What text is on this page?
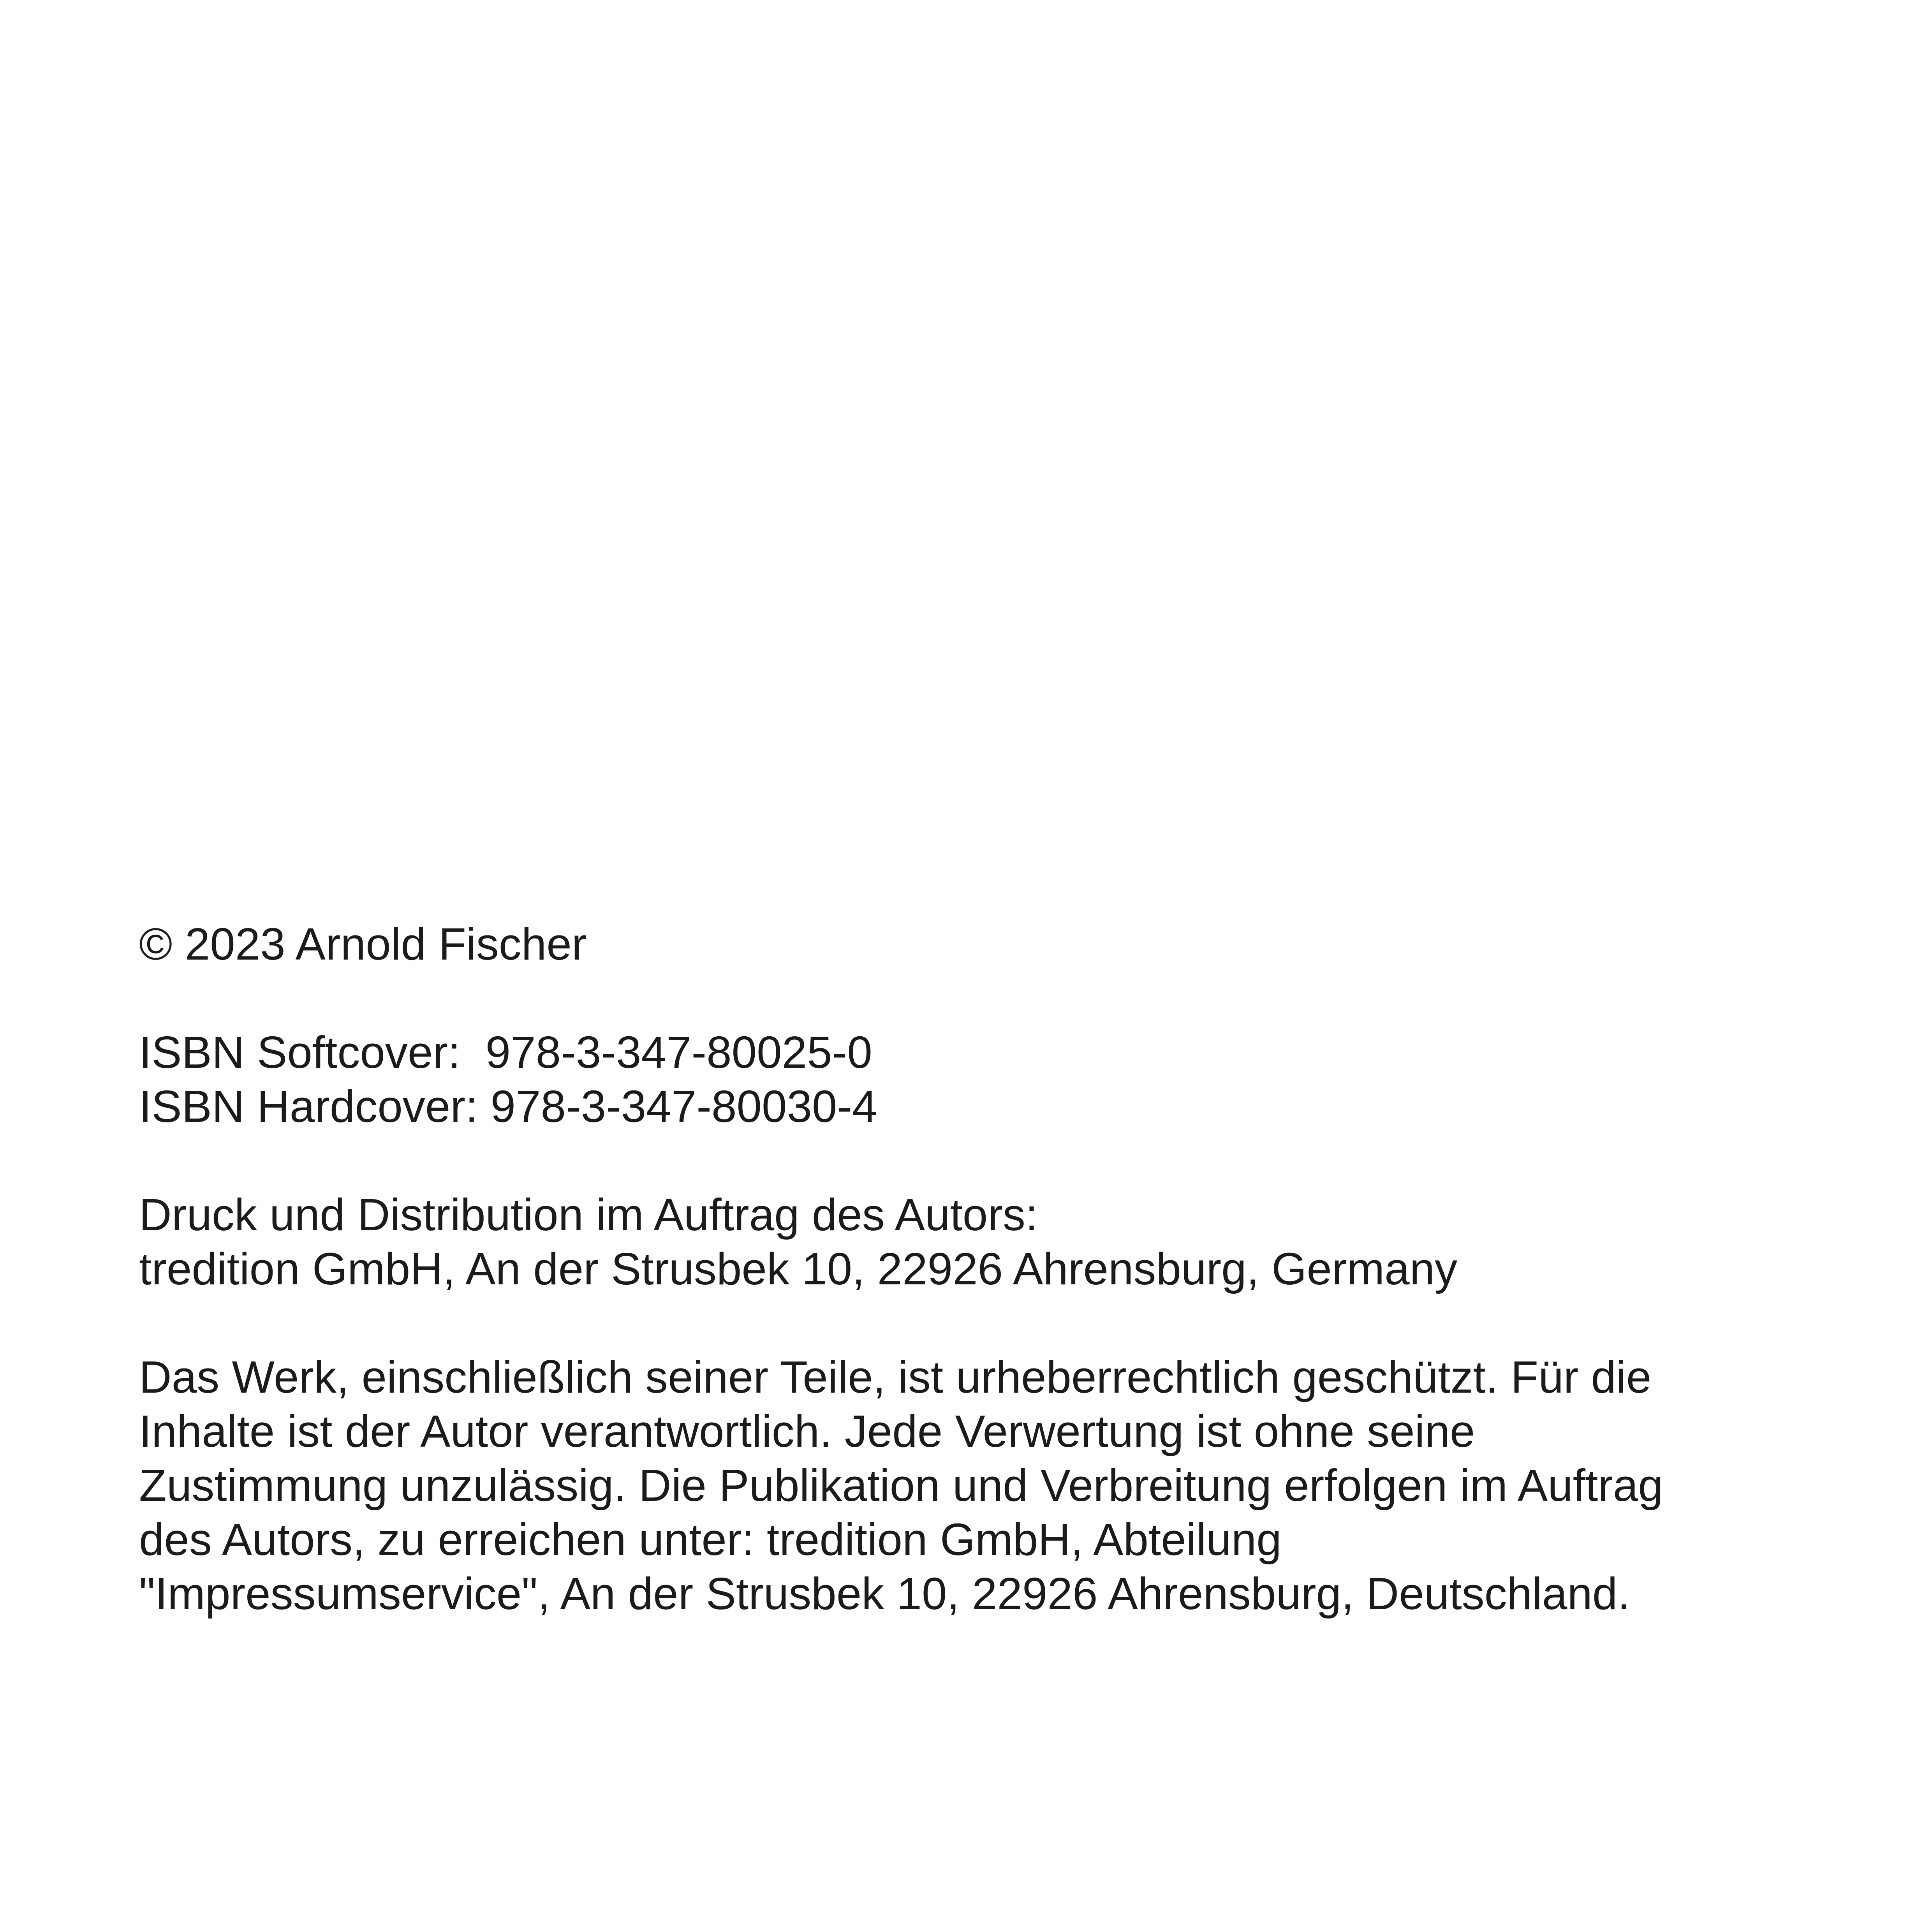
© 2023 Arnold Fischer
ISBN Softcover:  978-3-347-80025-0
ISBN Hardcover: 978-3-347-80030-4
Druck und Distribution im Auftrag des Autors:
tredition GmbH, An der Strusbek 10, 22926 Ahrensburg, Germany
Das Werk, einschließlich seiner Teile, ist urheberrechtlich geschützt. Für die
Inhalte ist der Autor verantwortlich. Jede Verwertung ist ohne seine
Zustimmung unzulässig. Die Publikation und Verbreitung erfolgen im Auftrag
des Autors, zu erreichen unter: tredition GmbH, Abteilung
"Impressumservice", An der Strusbek 10, 22926 Ahrensburg, Deutschland.
